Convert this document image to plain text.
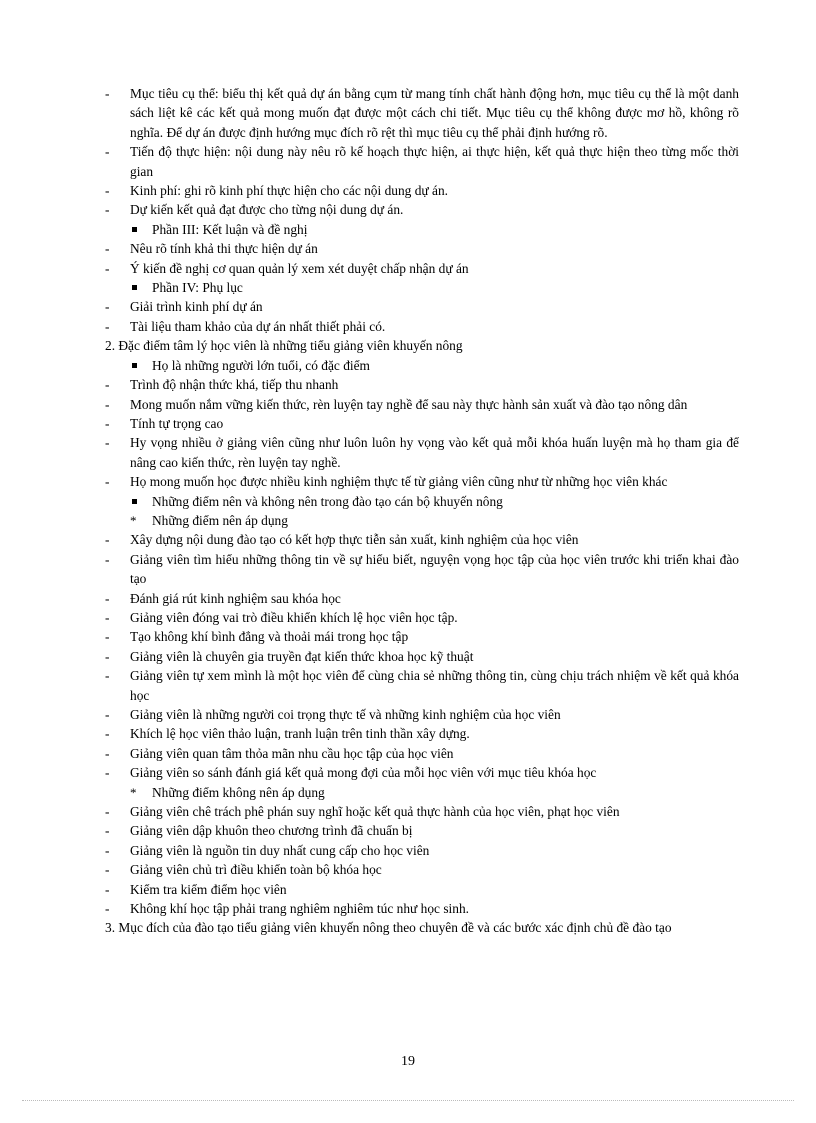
-	Mục tiêu cụ thể: biểu thị kết quả dự án bằng cụm từ mang tính chất hành động hơn, mục tiêu cụ thể là một danh sách liệt kê các kết quả mong muốn đạt được một cách chi tiết. Mục tiêu cụ thể không được mơ hồ, không rõ nghĩa. Để dự án được định hướng mục đích rõ rệt thì mục tiêu cụ thể phải định hướng rõ.
-	Tiến độ thực hiện: nội dung này nêu rõ kế hoạch thực hiện, ai thực hiện, kết quả thực hiện theo từng mốc thời gian
-	Kinh phí: ghi rõ kinh phí thực hiện cho các nội dung dự án.
-	Dự kiến kết quả đạt được cho từng nội dung dự án.
Phần III: Kết luận và đề nghị
-	Nêu rõ tính khả thi thực hiện dự án
-	Ý kiến đề nghị cơ quan quản lý xem xét duyệt chấp nhận dự án
Phần IV: Phụ lục
-	Giải trình kinh phí dự án
-	Tài liệu tham khảo của dự án nhất thiết phải có.
2. Đặc điểm tâm lý học viên là những tiểu giảng viên khuyến nông
Họ là những người lớn tuổi, có đặc điểm
-	Trình độ nhận thức khá, tiếp thu nhanh
-	Mong muốn nắm vững kiến thức, rèn luyện tay nghề để sau này thực hành sản xuất và đào tạo nông dân
-	Tính tự trọng cao
-	Hy vọng nhiều ở giảng viên cũng như luôn luôn hy vọng vào kết quả mỗi khóa huấn luyện mà họ tham gia để nâng cao kiến thức, rèn luyện tay nghề.
-	Họ mong muốn học được nhiều kinh nghiệm thực tế từ giảng viên cũng như từ những học viên khác
Những điểm nên và không nên trong đào tạo cán bộ khuyến nông
* Những điểm nên áp dụng
-	Xây dựng nội dung đào tạo có kết hợp thực tiễn sản xuất, kinh nghiệm của học viên
-	Giảng viên tìm hiểu những thông tin về sự hiểu biết, nguyện vọng học tập của học viên trước khi triển khai đào tạo
-	Đánh giá rút kinh nghiệm sau khóa học
-	Giảng viên đóng vai trò điều khiển khích lệ học viên học tập.
-	Tạo không khí bình đẳng và thoải mái trong học tập
-	Giảng viên là chuyên gia truyền đạt kiến thức khoa học kỹ thuật
-	Giảng viên tự xem mình là một học viên để cùng chia sẻ những thông tin, cùng chịu trách nhiệm về kết quả khóa học
-	Giảng viên là những người coi trọng thực tế và những kinh nghiệm của học viên
-	Khích lệ học viên thảo luận, tranh luận trên tinh thần xây dựng.
-	Giảng viên quan tâm thỏa mãn nhu cầu học tập của học viên
-	Giảng viên so sánh đánh giá kết quả mong đợi của mỗi học viên với mục tiêu khóa học
* Những điểm không nên áp dụng
-	Giảng viên chê trách phê phán suy nghĩ hoặc kết quả thực hành của học viên, phạt học viên
-	Giảng viên dập khuôn theo chương trình đã chuẩn bị
-	Giảng viên là nguồn tin duy nhất cung cấp cho học viên
-	Giảng viên chủ trì điều khiển toàn bộ khóa học
-	Kiểm tra kiểm điểm học viên
-	Không khí học tập phải trang nghiêm nghiêm túc như học sinh.
3. Mục đích của đào tạo tiểu giảng viên khuyến nông theo chuyên đề và các bước xác định chủ đề đào tạo
19
